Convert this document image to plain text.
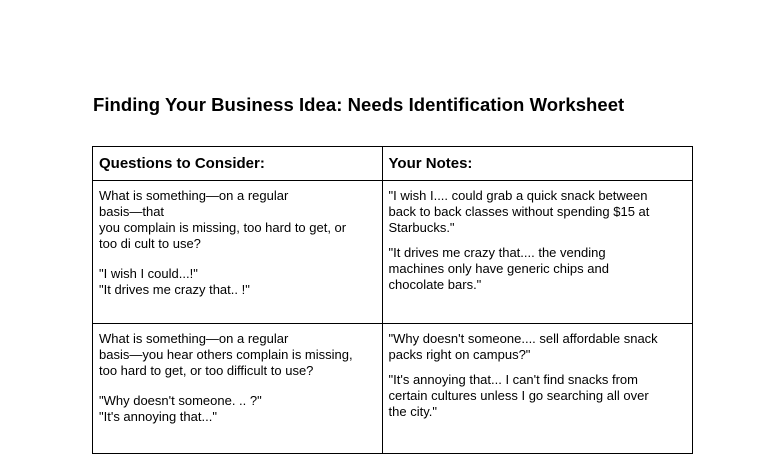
Finding Your Business Idea: Needs Identification Worksheet
Questions to Consider:	Your Notes:
What is something—on a regular
basis—that
you complain is missing, too hard to get, or
too di cult to use?
"I wish I could...!"
"It drives me crazy that.. !"
"I wish I.... could grab a quick snack between
back to back classes without spending $15 at
Starbucks."
"It drives me crazy that.... the vending
machines only have generic chips and
chocolate bars."
What is something—on a regular
basis—you hear others complain is missing,
too hard to get, or too difficult to use?
"Why doesn't someone. .. ?"
"It's annoying that..."
"Why doesn't someone.... sell affordable snack
packs right on campus?"
"It's annoying that... I can't find snacks from
certain cultures unless I go searching all over
the city."
